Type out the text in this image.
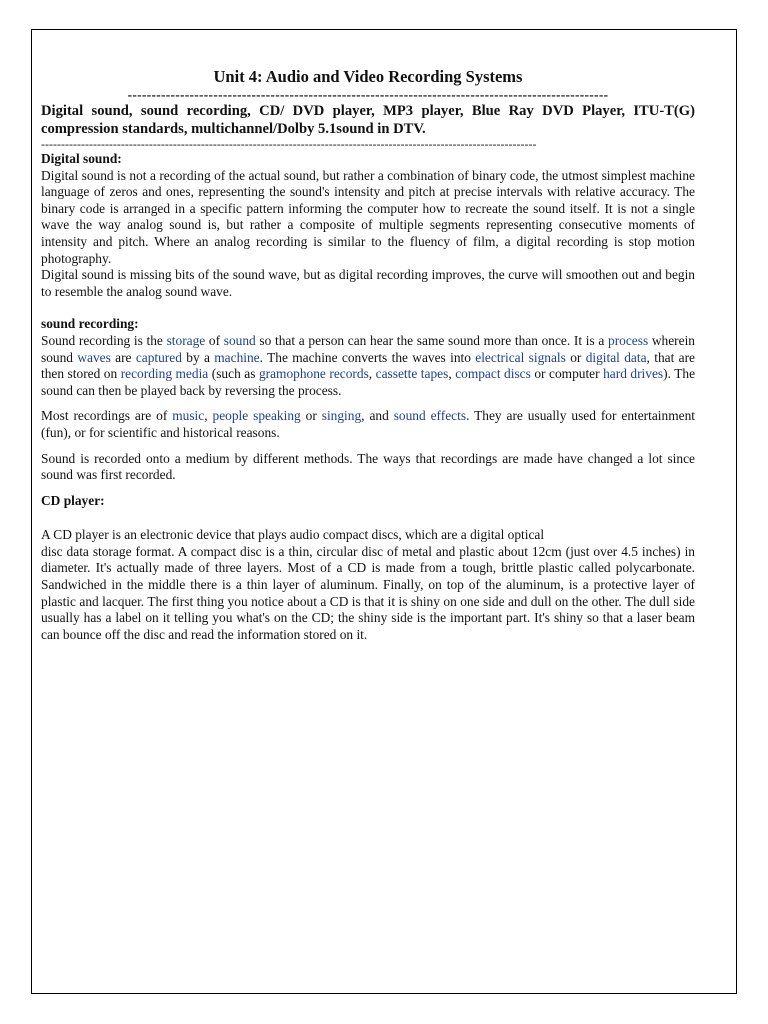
Unit 4: Audio and Video Recording Systems
-----------------------------------------------------------------------------------------------------

Digital sound, sound recording, CD/ DVD player, MP3 player, Blue Ray DVD Player, ITU-T(G) compression standards, multichannel/Dolby 5.1sound in DTV.

----------------------------------------------------------------------------------------------------------------------------
Digital sound:

Digital sound is not a recording of the actual sound, but rather a combination of binary code, the utmost simplest machine language of zeros and ones, representing the sound's intensity and pitch at precise intervals with relative accuracy. The binary code is arranged in a specific pattern informing the computer how to recreate the sound itself. It is not a single wave the way analog sound is, but rather a composite of multiple segments representing consecutive moments of intensity and pitch. Where an analog recording is similar to the fluency of film, a digital recording is stop motion photography.

Digital sound is missing bits of the sound wave, but as digital recording improves, the curve will smoothen out and begin to resemble the analog sound wave.

sound recording:

Sound recording is the storage of sound so that a person can hear the same sound more than once. It is a process wherein sound waves are captured by a machine. The machine converts the waves into electrical signals or digital data, that are then stored on recording media (such as gramophone records, cassette tapes, compact discs or computer hard drives). The sound can then be played back by reversing the process.

Most recordings are of music, people speaking or singing, and sound effects. They are usually used for entertainment (fun), or for scientific and historical reasons.

Sound is recorded onto a medium by different methods. The ways that recordings are made have changed a lot since sound was first recorded.

CD player:

A CD player is an electronic device that plays audio compact discs, which are a digital optical

disc data storage format. A compact disc is a thin, circular disc of metal and plastic about 12cm (just over 4.5 inches) in diameter. It's actually made of three layers. Most of a CD is made from a tough, brittle plastic called polycarbonate. Sandwiched in the middle there is a thin layer of aluminum. Finally, on top of the aluminum, is a protective layer of plastic and lacquer. The first thing you notice about a CD is that it is shiny on one side and dull on the other. The dull side usually has a label on it telling you what's on the CD; the shiny side is the important part. It's shiny so that a laser beam can bounce off the disc and read the information stored on it.
